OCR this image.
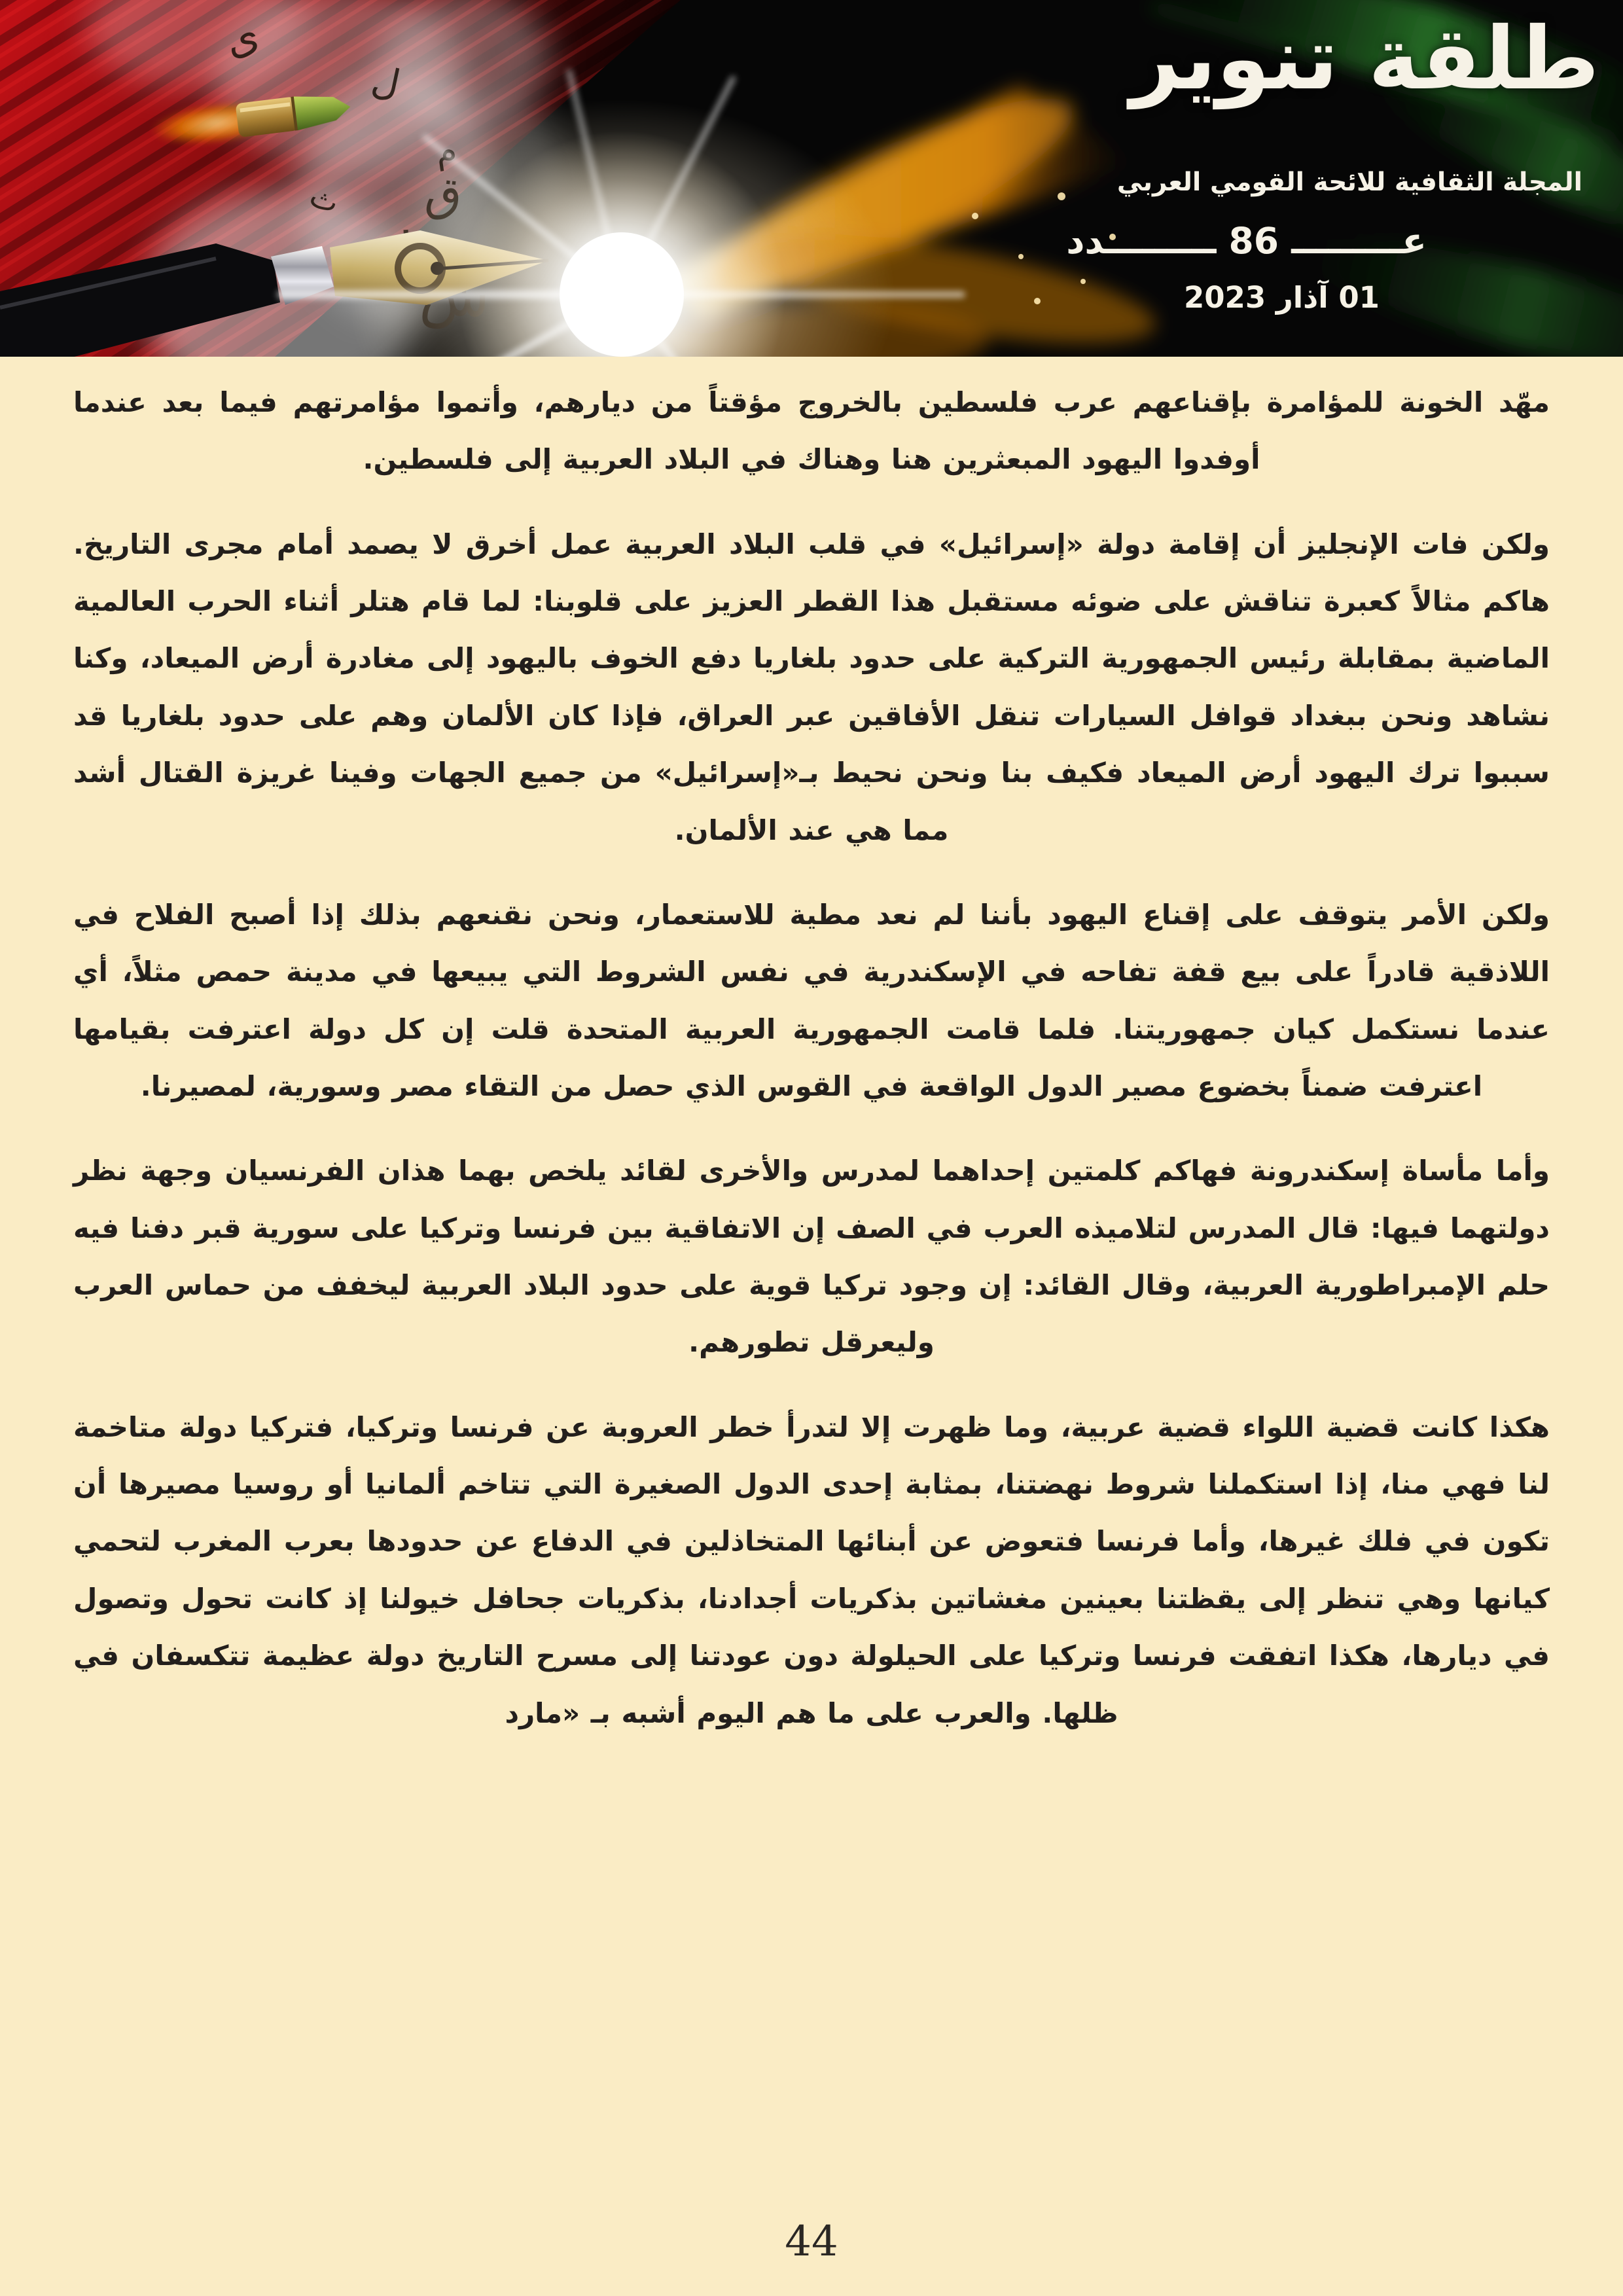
ى
ل
ث
طلقة تنوير
المجلة الثقافية للائحة القومي العربي
عـــــــــ 86 ـــــــــدد
01 آذار 2023

مهّد الخونة للمؤامرة بإقناعهم عرب فلسطين بالخروج مؤقتاً من ديارهم، وأتموا مؤامرتهم فيما بعد عندما أوفدوا اليهود المبعثرين هنا وهناك في البلاد العربية إلى فلسطين.

ولكن فات الإنجليز أن إقامة دولة «إسرائيل» في قلب البلاد العربية عمل أخرق لا يصمد أمام مجرى التاريخ. هاكم مثالاً كعبرة تناقش على ضوئه مستقبل هذا القطر العزيز على قلوبنا: لما قام هتلر أثناء الحرب العالمية الماضية بمقابلة رئيس الجمهورية التركية على حدود بلغاريا دفع الخوف باليهود إلى مغادرة أرض الميعاد، وكنا نشاهد ونحن ببغداد قوافل السيارات تنقل الأفاقين عبر العراق، فإذا كان الألمان وهم على حدود بلغاريا قد سببوا ترك اليهود أرض الميعاد فكيف بنا ونحن نحيط بـ«إسرائيل» من جميع الجهات وفينا غريزة القتال أشد مما هي عند الألمان.

ولكن الأمر يتوقف على إقناع اليهود بأننا لم نعد مطية للاستعمار، ونحن نقنعهم بذلك إذا أصبح الفلاح في اللاذقية قادراً على بيع قفة تفاحه في الإسكندرية في نفس الشروط التي يبيعها في مدينة حمص مثلاً، أي عندما نستكمل كيان جمهوريتنا. فلما قامت الجمهورية العربية المتحدة قلت إن كل دولة اعترفت بقيامها اعترفت ضمناً بخضوع مصير الدول الواقعة في القوس الذي حصل من التقاء مصر وسورية، لمصيرنا.

وأما مأساة إسكندرونة فهاكم كلمتين إحداهما لمدرس والأخرى لقائد يلخص بهما هذان الفرنسيان وجهة نظر دولتهما فيها: قال المدرس لتلاميذه العرب في الصف إن الاتفاقية بين فرنسا وتركيا على سورية قبر دفنا فيه حلم الإمبراطورية العربية، وقال القائد: إن وجود تركيا قوية على حدود البلاد العربية ليخفف من حماس العرب وليعرقل تطورهم.

هكذا كانت قضية اللواء قضية عربية، وما ظهرت إلا لتدرأ خطر العروبة عن فرنسا وتركيا، فتركيا دولة متاخمة لنا فهي منا، إذا استكملنا شروط نهضتنا، بمثابة إحدى الدول الصغيرة التي تتاخم ألمانيا أو روسيا مصيرها أن تكون في فلك غيرها، وأما فرنسا فتعوض عن أبنائها المتخاذلين في الدفاع عن حدودها بعرب المغرب لتحمي كيانها وهي تنظر إلى يقظتنا بعينين مغشاتين بذكريات أجدادنا، بذكريات جحافل خيولنا إذ كانت تحول وتصول في ديارها، هكذا اتفقت فرنسا وتركيا على الحيلولة دون عودتنا إلى مسرح التاريخ دولة عظيمة تتكسفان في ظلها. والعرب على ما هم اليوم أشبه بـ «مارد

44
